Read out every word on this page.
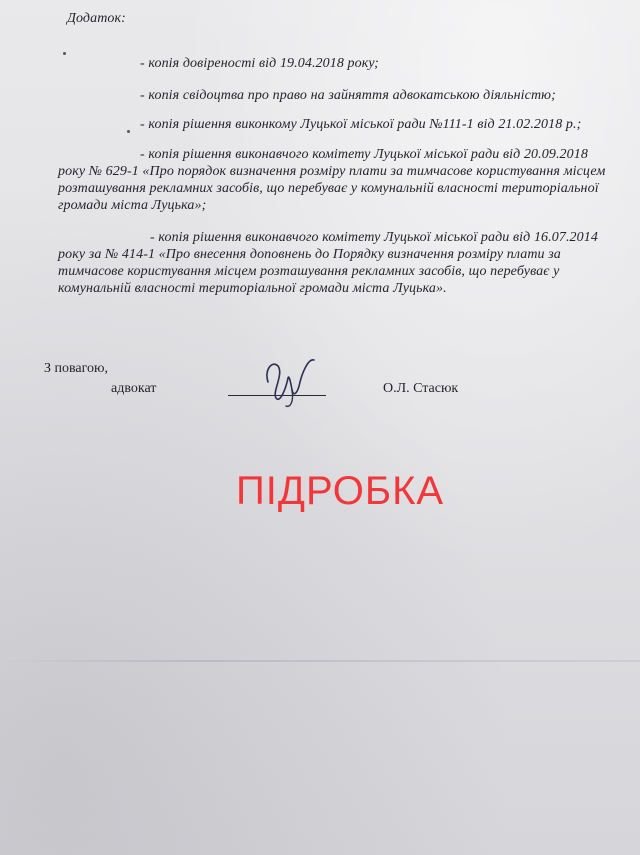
Додаток:
- копія довіреності від 19.04.2018 року;
- копія свідоцтва про право на зайняття адвокатською діяльністю;
- копія рішення виконкому Луцької міської ради №111-1 від 21.02.2018 р.;
- копія рішення виконавчого комітету Луцької міської ради від 20.09.2018
року № 629-1 «Про порядок визначення розміру плати за тимчасове користування місцем
розташування рекламних засобів, що перебуває у комунальній власності територіальної
громади міста Луцька»;
- копія рішення виконавчого комітету Луцької міської ради від 16.07.2014
року за № 414-1 «Про внесення доповнень до Порядку визначення розміру плати за
тимчасове користування місцем розташування рекламних засобів, що перебуває у
комунальній власності територіальної громади міста Луцька».
З повагою,
адвокат	О.Л. Стасюк
ПІДРОБКА
